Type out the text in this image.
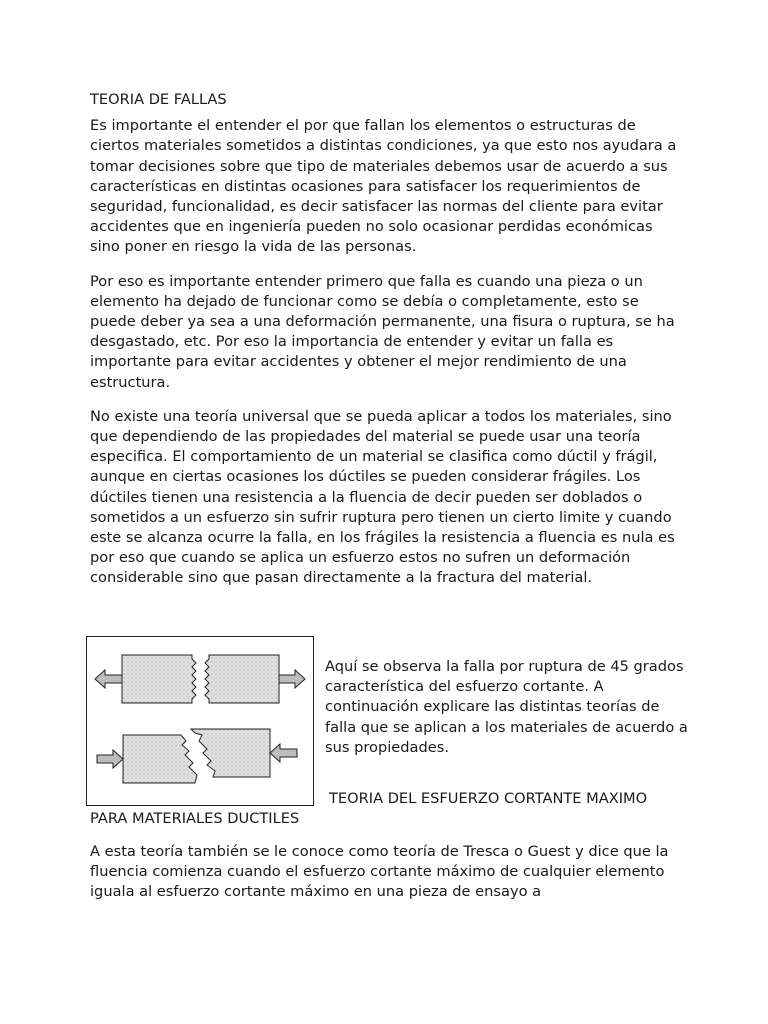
TEORIA DE FALLAS

Es importante el entender el por que fallan los elementos o estructuras de ciertos materiales sometidos a distintas condiciones, ya que esto nos ayudara a tomar decisiones sobre que tipo de materiales debemos usar de acuerdo a sus características en distintas ocasiones para satisfacer los requerimientos de seguridad, funcionalidad, es decir satisfacer las normas del cliente para evitar accidentes que en ingeniería pueden no solo ocasionar perdidas económicas sino poner en riesgo la vida de las personas.

Por eso es importante entender primero que falla es cuando una pieza o un elemento ha dejado de funcionar como se debía o completamente, esto se puede deber ya sea a una deformación permanente, una fisura o ruptura, se ha desgastado, etc. Por eso la importancia de entender y evitar un falla es importante para evitar accidentes y obtener el mejor rendimiento de una estructura.

No existe una teoría universal que se pueda aplicar a todos los materiales, sino que dependiendo de las propiedades del material se puede usar una teoría especifica. El comportamiento de un material se clasifica como dúctil y frágil, aunque en ciertas ocasiones los dúctiles se pueden considerar frágiles. Los dúctiles tienen una resistencia a la fluencia de decir pueden ser doblados o sometidos a un esfuerzo sin sufrir ruptura pero tienen un cierto limite y cuando este se alcanza ocurre la falla, en los frágiles la resistencia a fluencia es nula es por eso que cuando se aplica un esfuerzo estos no sufren un deformación considerable sino que pasan directamente a la fractura del material.

Aquí se observa la falla por ruptura de 45 grados característica del esfuerzo cortante. A continuación explicare las distintas teorías de falla que se aplican a los materiales de acuerdo a sus propiedades.

TEORIA DEL ESFUERZO CORTANTE MAXIMO
PARA MATERIALES DUCTILES

A esta teoría también se le conoce como teoría de Tresca o Guest y dice que la fluencia comienza cuando el esfuerzo cortante máximo de cualquier elemento iguala al esfuerzo cortante máximo en una pieza de ensayo a
